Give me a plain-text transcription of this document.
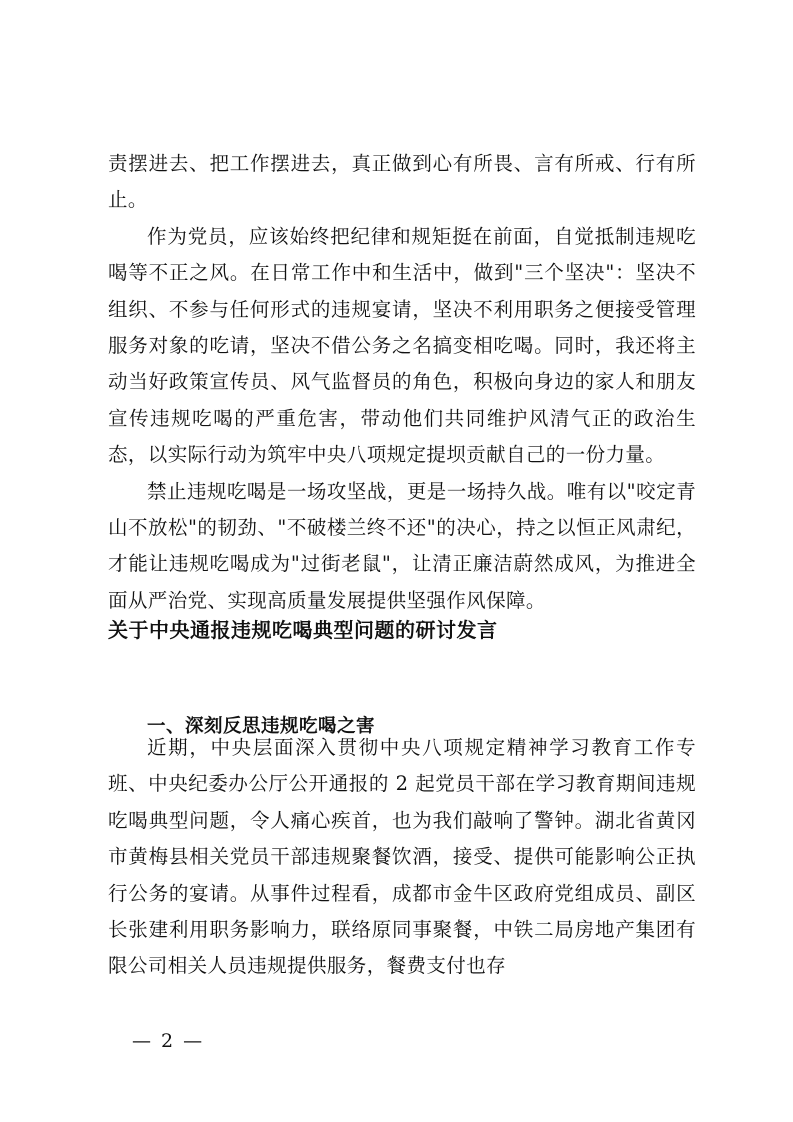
责摆进去、把工作摆进去，真正做到心有所畏、言有所戒、行有所止。

作为党员，应该始终把纪律和规矩挺在前面，自觉抵制违规吃喝等不正之风。在日常工作中和生活中，做到"三个坚决"：坚决不组织、不参与任何形式的违规宴请，坚决不利用职务之便接受管理服务对象的吃请，坚决不借公务之名搞变相吃喝。同时，我还将主动当好政策宣传员、风气监督员的角色，积极向身边的家人和朋友宣传违规吃喝的严重危害，带动他们共同维护风清气正的政治生态，以实际行动为筑牢中央八项规定提坝贡献自己的一份力量。

禁止违规吃喝是一场攻坚战，更是一场持久战。唯有以"咬定青山不放松"的韧劲、"不破楼兰终不还"的决心，持之以恒正风肃纪，才能让违规吃喝成为"过街老鼠"，让清正廉洁蔚然成风，为推进全面从严治党、实现高质量发展提供坚强作风保障。

关于中央通报违规吃喝典型问题的研讨发言
一、深刻反思违规吃喝之害

近期，中央层面深入贯彻中央八项规定精神学习教育工作专班、中央纪委办公厅公开通报的 2 起党员干部在学习教育期间违规吃喝典型问题，令人痛心疾首，也为我们敲响了警钟。湖北省黄冈市黄梅县相关党员干部违规聚餐饮酒，接受、提供可能影响公正执行公务的宴请。从事件过程看，成都市金牛区政府党组成员、副区长张建利用职务影响力，联络原同事聚餐，中铁二局房地产集团有限公司相关人员违规提供服务，餐费支付也存

— 2 —
